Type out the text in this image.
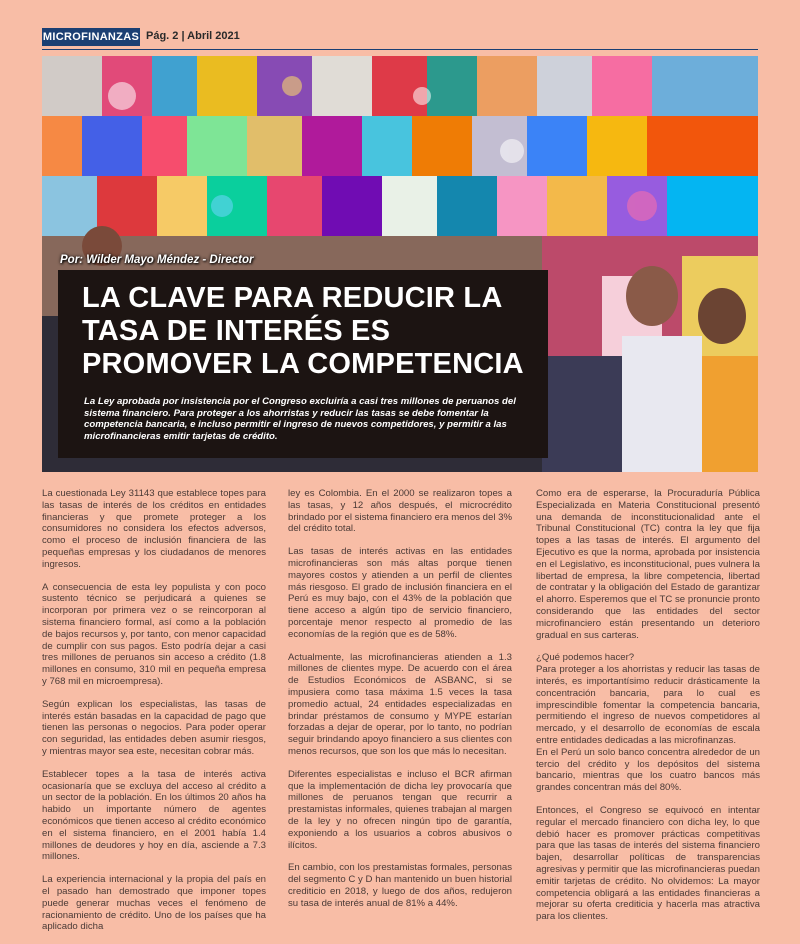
MICROFINANZAS Pág. 2 | Abril 2021
Por: Wilder Mayo Méndez - Director
LA CLAVE PARA REDUCIR LA TASA DE INTERÉS ES PROMOVER LA COMPETENCIA
La Ley aprobada por insistencia por el Congreso excluiría a casi tres millones de peruanos del sistema financiero. Para proteger a los ahorristas y reducir las tasas se debe fomentar la competencia bancaria, e incluso permitir el ingreso de nuevos competidores, y permitir a las microfinancieras emitir tarjetas de crédito.

La cuestionada Ley 31143 que establece topes para las tasas de interés de los créditos en entidades financieras y que promete proteger a los consumidores no considera los efectos adversos, como el proceso de inclusión financiera de las pequeñas empresas y los ciudadanos de menores ingresos.

A consecuencia de esta ley populista y con poco sustento técnico se perjudicará a quienes se incorporan por primera vez o se reincorporan al sistema financiero formal, así como a la población de bajos recursos y, por tanto, con menor capacidad de cumplir con sus pagos. Esto podría dejar a casi tres millones de peruanos sin acceso a crédito (1.8 millones en consumo, 310 mil en pequeña empresa y 768 mil en microempresa).

Según explican los especialistas, las tasas de interés están basadas en la capacidad de pago que tienen las personas o negocios. Para poder operar con seguridad, las entidades deben asumir riesgos, y mientras mayor sea este, necesitan cobrar más.

Establecer topes a la tasa de interés activa ocasionaría que se excluya del acceso al crédito a un sector de la población. En los últimos 20 años ha habido un importante número de agentes económicos que tienen acceso al crédito económico en el sistema financiero, en el 2001 había 1.4 millones de deudores y hoy en día, asciende a 7.3 millones.

La experiencia internacional y la propia del país en el pasado han demostrado que imponer topes puede generar muchas veces el fenómeno de racionamiento de crédito. Uno de los países que ha aplicado dicha

ley es Colombia. En el 2000 se realizaron topes a las tasas, y 12 años después, el microcrédito brindado por el sistema financiero era menos del 3% del crédito total.

Las tasas de interés activas en las entidades microfinancieras son más altas porque tienen mayores costos y atienden a un perfil de clientes más riesgoso. El grado de inclusión financiera en el Perú es muy bajo, con el 43% de la población que tiene acceso a algún tipo de servicio financiero, porcentaje menor respecto al promedio de las economías de la región que es de 58%.

Actualmente, las microfinancieras atienden a 1.3 millones de clientes mype. De acuerdo con el área de Estudios Económicos de ASBANC, si se impusiera como tasa máxima 1.5 veces la tasa promedio actual, 24 entidades especializadas en brindar préstamos de consumo y MYPE estarían forzadas a dejar de operar, por lo tanto, no podrían seguir brindando apoyo financiero a sus clientes con menos recursos, que son los que más lo necesitan.

Diferentes especialistas e incluso el BCR afirman que la implementación de dicha ley provocaría que millones de peruanos tengan que recurrir a prestamistas informales, quienes trabajan al margen de la ley y no ofrecen ningún tipo de garantía, exponiendo a los usuarios a cobros abusivos o ilícitos.

En cambio, con los prestamistas formales, personas del segmento C y D han mantenido un buen historial crediticio en 2018, y luego de dos años, redujeron su tasa de interés anual de 81% a 44%.

Como era de esperarse, la Procuraduría Pública Especializada en Materia Constitucional presentó una demanda de inconstitucionalidad ante el Tribunal Constitucional (TC) contra la ley que fija topes a las tasas de interés. El argumento del Ejecutivo es que la norma, aprobada por insistencia en el Legislativo, es inconstitucional, pues vulnera la libertad de empresa, la libre competencia, libertad de contratar y la obligación del Estado de garantizar el ahorro. Esperemos que el TC se pronuncie pronto considerando que las entidades del sector microfinanciero están presentando un deterioro gradual en sus carteras.

¿Qué podemos hacer?

Para proteger a los ahorristas y reducir las tasas de interés, es importantísimo reducir drásticamente la concentración bancaria, para lo cual es imprescindible fomentar la competencia bancaria, permitiendo el ingreso de nuevos competidores al mercado, y el desarrollo de economías de escala entre entidades dedicadas a las microfinanzas.

En el Perú un solo banco concentra alrededor de un tercio del crédito y los depósitos del sistema bancario, mientras que los cuatro bancos más grandes concentran más del 80%.

Entonces, el Congreso se equivocó en intentar regular el mercado financiero con dicha ley, lo que debió hacer es promover prácticas competitivas para que las tasas de interés del sistema financiero bajen, desarrollar políticas de transparencias agresivas y permitir que las microfinancieras puedan emitir tarjetas de crédito. No olvidemos: La mayor competencia obligará a las entidades financieras a mejorar su oferta crediticia y hacerla mas atractiva para los clientes.
